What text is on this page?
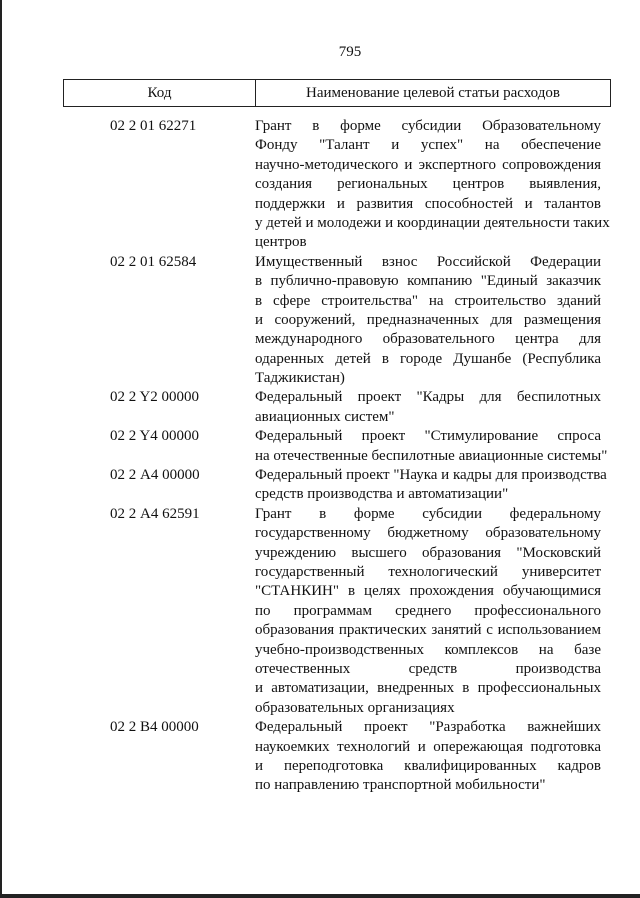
795
Код	Наименование целевой статьи расходов
02 2 01 62271	Грант в форме субсидии Образовательному
Фонду "Талант и успех" на обеспечение
научно-методического и экспертного сопровождения
создания региональных центров выявления,
поддержки и развития способностей и талантов
у детей и молодежи и координации деятельности таких
центров
02 2 01 62584	Имущественный взнос Российской Федерации
в публично-правовую компанию "Единый заказчик
в сфере строительства" на строительство зданий
и сооружений, предназначенных для размещения
международного образовательного центра для
одаренных детей в городе Душанбе (Республика
Таджикистан)
02 2 Y2 00000	Федеральный проект "Кадры для беспилотных
авиационных систем"
02 2 Y4 00000	Федеральный проект "Стимулирование спроса
на отечественные беспилотные авиационные системы"
02 2 А4 00000	Федеральный проект "Наука и кадры для производства
средств производства и автоматизации"
02 2 А4 62591	Грант в форме субсидии федеральному
государственному бюджетному образовательному
учреждению высшего образования "Московский
государственный технологический университет
"СТАНКИН" в целях прохождения обучающимися
по программам среднего профессионального
образования практических занятий с использованием
учебно-производственных комплексов на базе
отечественных средств производства
и автоматизации, внедренных в профессиональных
образовательных организациях
02 2 В4 00000	Федеральный проект "Разработка важнейших
наукоемких технологий и опережающая подготовка
и переподготовка квалифицированных кадров
по направлению транспортной мобильности"
